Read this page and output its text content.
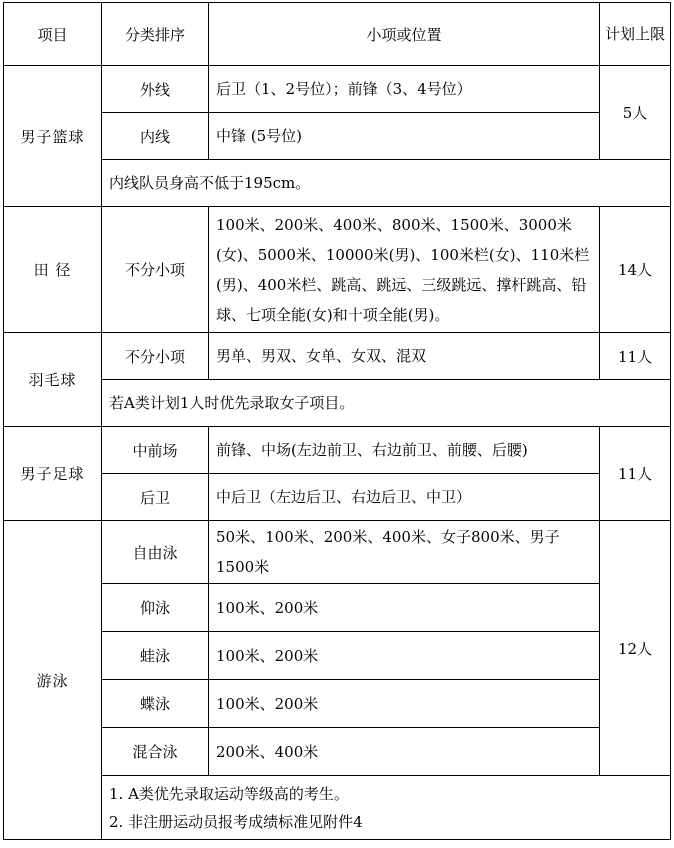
项目	分类排序	小项或位置	计划上限
男子篮球	外线	后卫（1、2号位）；前锋（3、4号位）	5人
	内线	中锋 (5号位)	
	内线队员身高不低于195cm。		
田 径	不分小项	100米、200米、400米、800米、1500米、3000米(女)、5000米、10000米(男)、100米栏(女)、110米栏(男)、400米栏、跳高、跳远、三级跳远、撑杆跳高、铅球、七项全能(女)和十项全能(男)。	14人
羽毛球	不分小项	男单、男双、女单、女双、混双	11人
	若A类计划1人时优先录取女子项目。		
男子足球	中前场	前锋、中场(左边前卫、右边前卫、前腰、后腰)	11人
	后卫	中后卫（左边后卫、右边后卫、中卫）	
游泳	自由泳	50米、100米、200米、400米、女子800米、男子1500米	12人
	仰泳	100米、200米	
	蛙泳	100米、200米	
	蝶泳	100米、200米	
	混合泳	200米、400米	

	1. A类优先录取运动等级高的考生。
2. 非注册运动员报考成绩标准见附件4		
